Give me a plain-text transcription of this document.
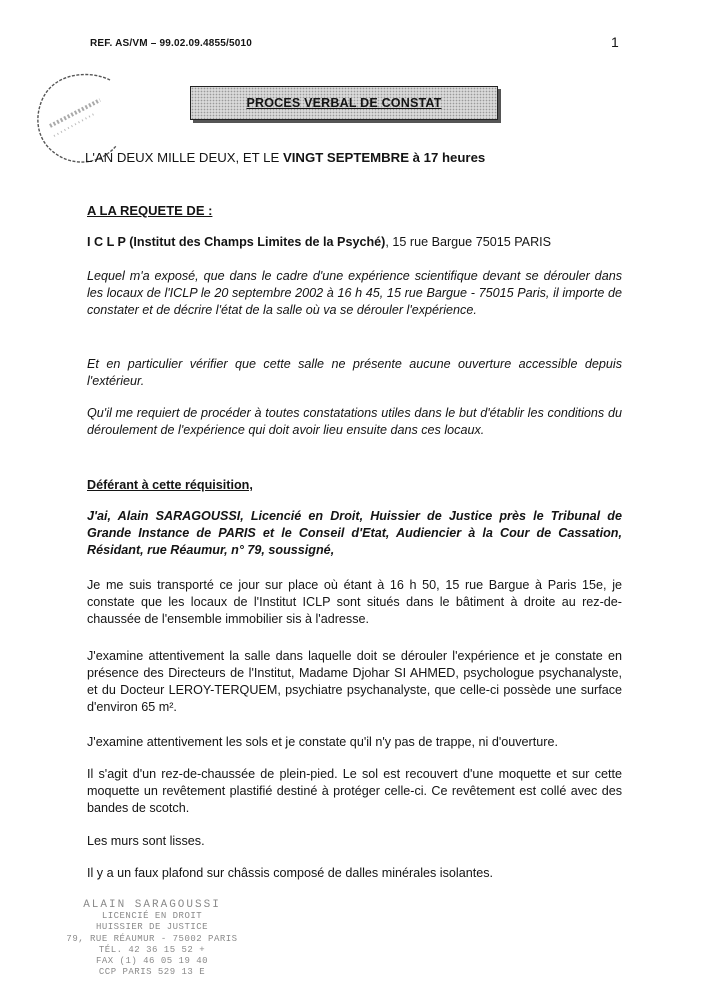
REF. AS/VM – 99.02.09.4855/5010	1
PROCES VERBAL DE CONSTAT
L'AN DEUX MILLE DEUX, ET LE VINGT SEPTEMBRE à 17 heures
A LA REQUETE DE :
I C L P (Institut des Champs Limites de la Psyché), 15 rue Bargue 75015 PARIS
Lequel m'a exposé, que dans le cadre d'une expérience scientifique devant se dérouler dans les locaux de l'ICLP le 20 septembre 2002 à 16 h 45, 15 rue Bargue - 75015 Paris, il importe de constater et de décrire l'état de la salle où va se dérouler l'expérience.
Et en particulier vérifier que cette salle ne présente aucune ouverture accessible depuis l'extérieur.
Qu'il me requiert de procéder à toutes constatations utiles dans le but d'établir les conditions du déroulement de l'expérience qui doit avoir lieu ensuite dans ces locaux.
Déférant à cette réquisition,
J'ai, Alain SARAGOUSSI, Licencié en Droit, Huissier de Justice près le Tribunal de Grande Instance de PARIS et le Conseil d'Etat, Audiencier à la Cour de Cassation, Résidant, rue Réaumur, n° 79, soussigné,
Je me suis transporté ce jour sur place où étant à 16 h 50, 15 rue Bargue à Paris 15e, je constate que les locaux de l'Institut ICLP sont situés dans le bâtiment à droite au rez-de-chaussée de l'ensemble immobilier sis à l'adresse.
J'examine attentivement la salle dans laquelle doit se dérouler l'expérience et je constate en présence des Directeurs de l'Institut, Madame Djohar SI AHMED, psychologue psychanalyste, et du Docteur LEROY-TERQUEM, psychiatre psychanalyste, que celle-ci possède une surface d'environ 65 m².
J'examine attentivement les sols et je constate qu'il n'y pas de trappe, ni d'ouverture.
Il s'agit d'un rez-de-chaussée de plein-pied. Le sol est recouvert d'une moquette et sur cette moquette un revêtement plastifié destiné à protéger celle-ci. Ce revêtement est collé avec des bandes de scotch.
Les murs sont lisses.
Il y a un faux plafond sur châssis composé de dalles minérales isolantes.
ALAIN SARAGOUSSI
LICENCIÉ EN DROIT
HUISSIER DE JUSTICE
79, RUE RÉAUMUR - 75002 PARIS
TÉL. 42 36 15 52 +
FAX (1) 46 05 19 40
CCP PARIS 529 13 E
